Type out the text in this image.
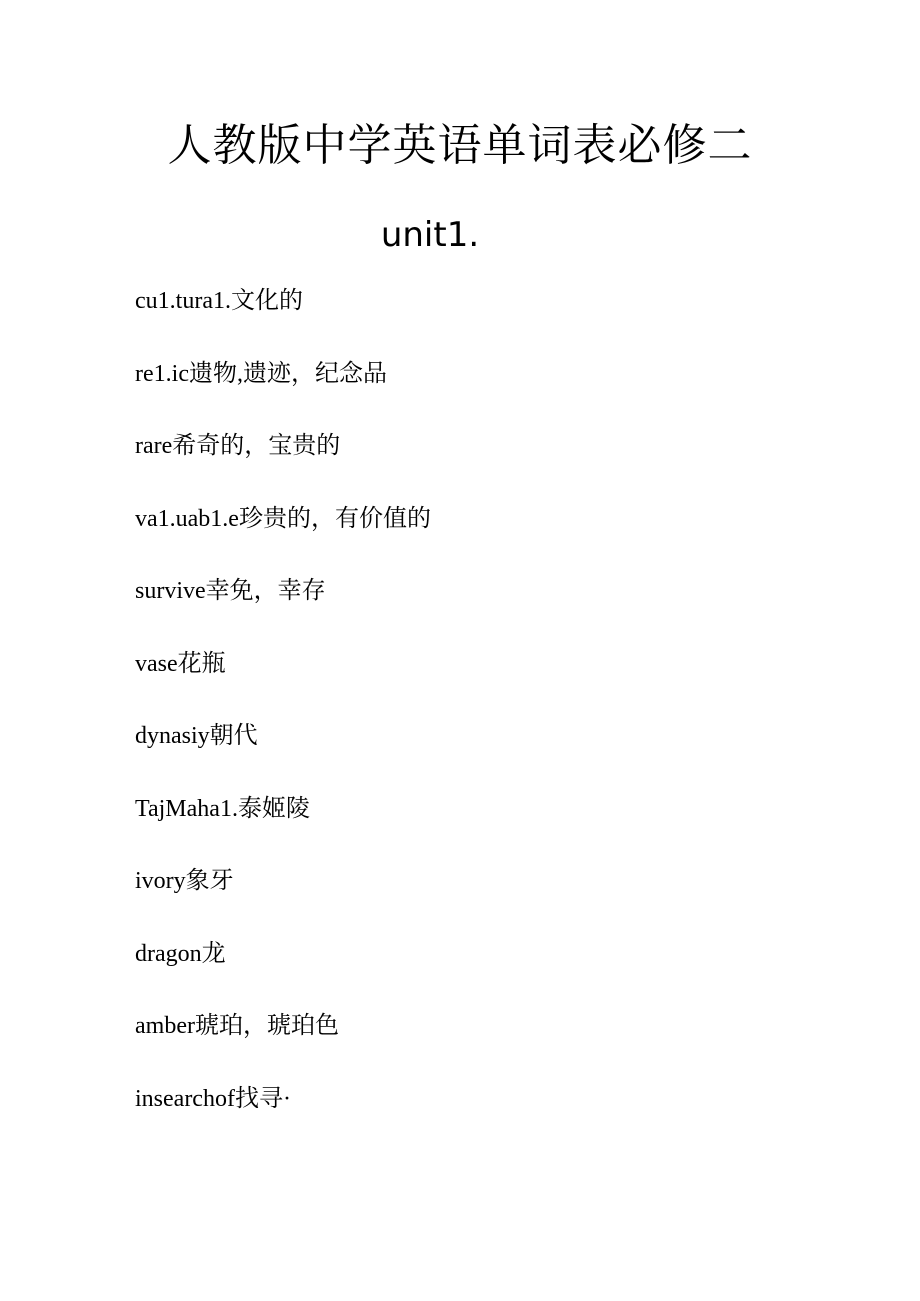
人教版中学英语单词表必修二
unit1.
cu1.tura1.文化的
re1.ic遗物,遗迹，纪念品
rare希奇的，宝贵的
va1.uab1.e珍贵的，有价值的
survive幸免，幸存
vase花瓶
dynasiy朝代
TajMaha1.泰姬陵
ivory象牙
dragon龙
amber琥珀，琥珀色
insearchof找寻·
